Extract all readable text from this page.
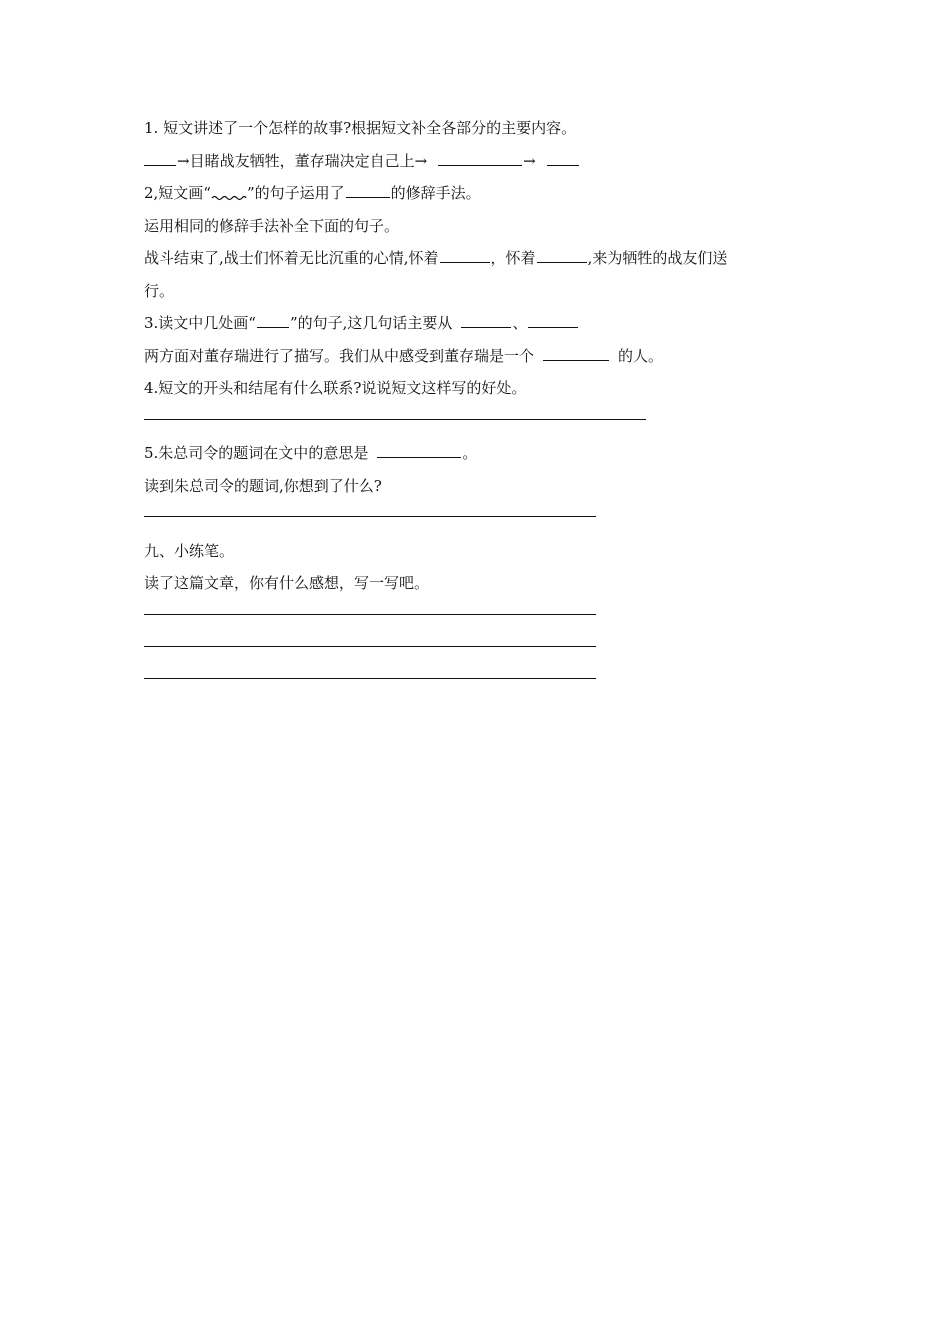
1. 短文讲述了一个怎样的故事?根据短文补全各部分的主要内容。
→目睹战友牺牲，董存瑞决定自己上→	→
2,短文画“ ”的句子运用了	的修辞手法。
运用相同的修辞手法补全下面的句子。
战斗结束了,战士们怀着无比沉重的心情,怀着	，怀着	,来为牺牲的战友们送
行。
3.读文中几处画“ ”的句子,这几句话主要从	、
两方面对董存瑞进行了描写。我们从中感受到董存瑞是一个	的人。
4.短文的开头和结尾有什么联系?说说短文这样写的好处。
5.朱总司令的题词在文中的意思是	。
读到朱总司令的题词,你想到了什么?
九、小练笔。
读了这篇文章，你有什么感想，写一写吧。
